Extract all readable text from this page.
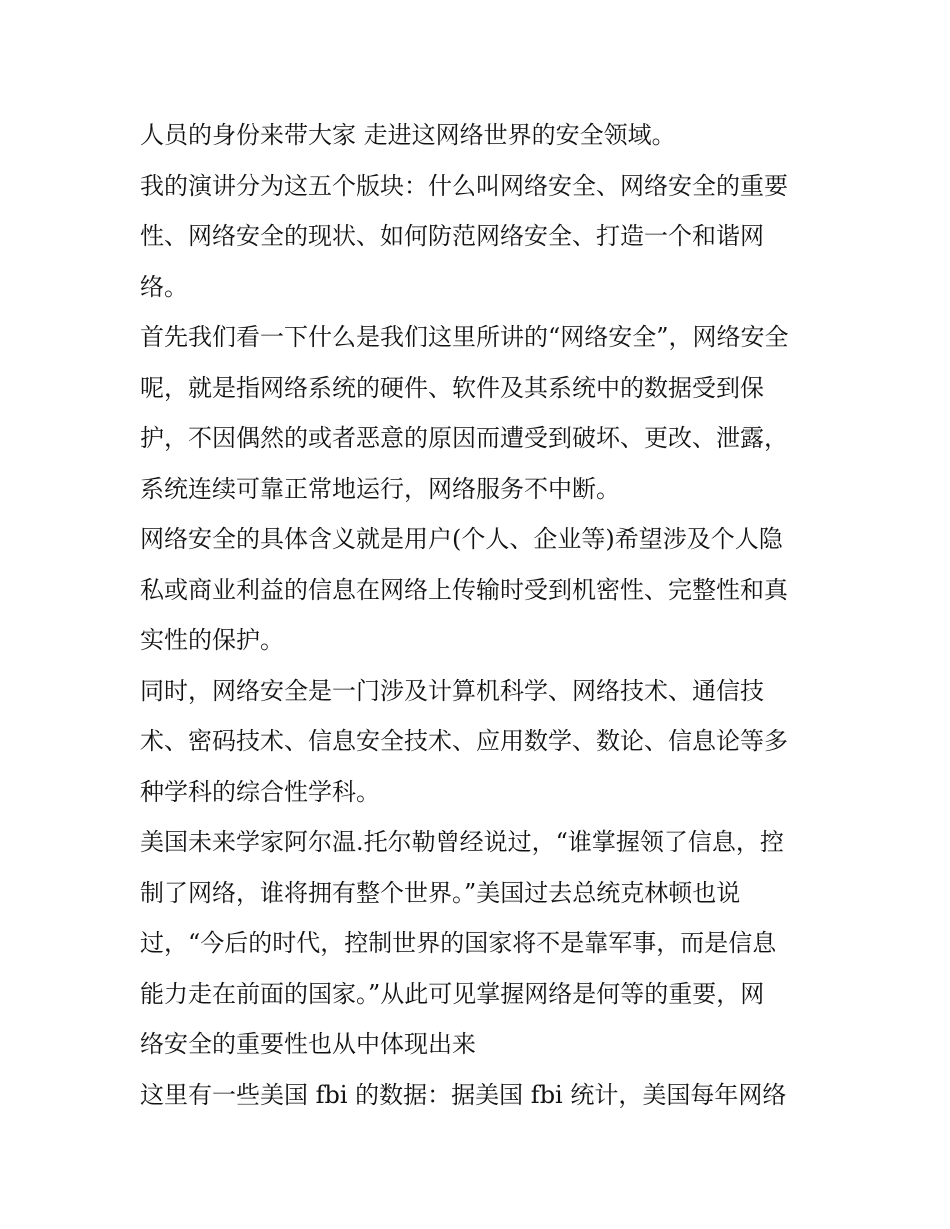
人员的身份来带大家 走进这网络世界的安全领域。

我的演讲分为这五个版块：什么叫网络安全、网络安全的重要
性、网络安全的现状、如何防范网络安全、打造一个和谐网
络。

首先我们看一下什么是我们这里所讲的“网络安全”，网络安全
呢，就是指网络系统的硬件、软件及其系统中的数据受到保
护，不因偶然的或者恶意的原因而遭受到破坏、更改、泄露，
系统连续可靠正常地运行，网络服务不中断。

网络安全的具体含义就是用户(个人、企业等)希望涉及个人隐
私或商业利益的信息在网络上传输时受到机密性、完整性和真
实性的保护。

同时，网络安全是一门涉及计算机科学、网络技术、通信技
术、密码技术、信息安全技术、应用数学、数论、信息论等多
种学科的综合性学科。

美国未来学家阿尔温.托尔勒曾经说过，“谁掌握领了信息，控
制了网络，谁将拥有整个世界。”美国过去总统克林顿也说
过，“今后的时代，控制世界的国家将不是靠军事，而是信息
能力走在前面的国家。”从此可见掌握网络是何等的重要，网
络安全的重要性也从中体现出来

这里有一些美国 fbi 的数据：据美国 fbi 统计，美国每年网络
